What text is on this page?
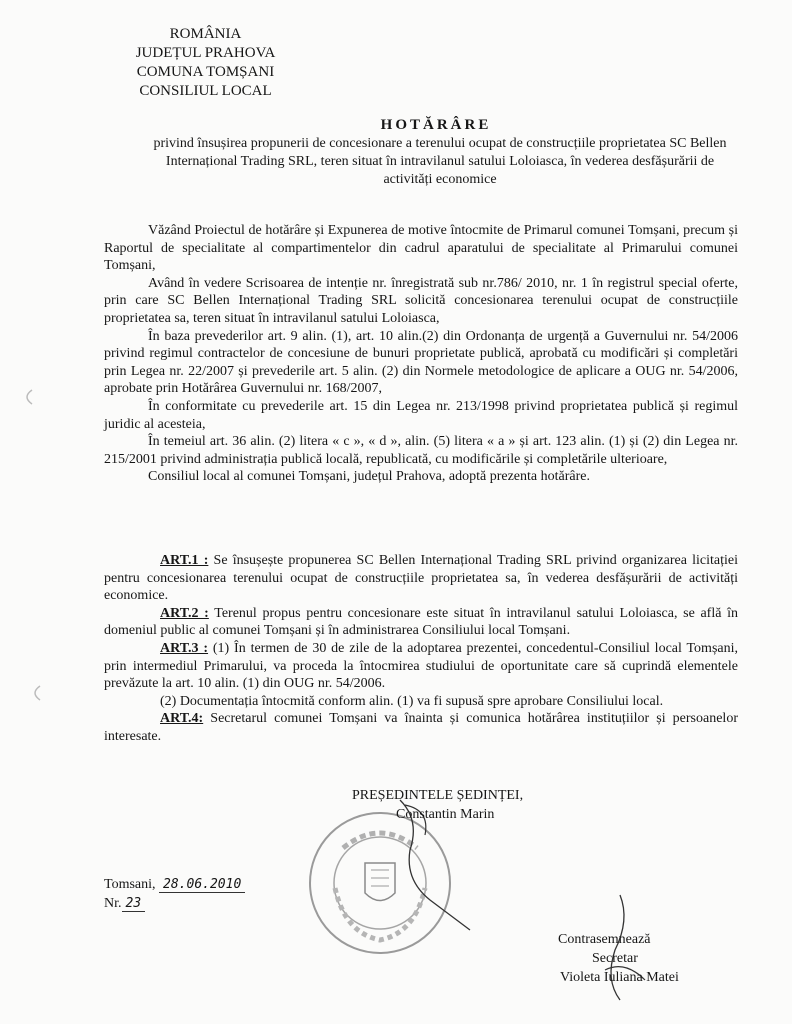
ROMÂNIA
JUDEȚUL PRAHOVA
COMUNA TOMȘANI
CONSILIUL LOCAL
HOTĂRÂRE
privind însușirea propunerii de concesionare a terenului ocupat de construcțiile proprietatea SC Bellen Internațional Trading SRL, teren situat în intravilanul satului Loloiasca, în vederea desfășurării de activități economice

Văzând Proiectul de hotărâre și Expunerea de motive întocmite de Primarul comunei Tomșani, precum și Raportul de specialitate al compartimentelor din cadrul aparatului de specialitate al Primarului comunei Tomșani,

Având în vedere Scrisoarea de intenție nr. înregistrată sub nr.786/ 2010, nr. 1 în registrul special oferte, prin care SC Bellen Internațional Trading SRL solicită concesionarea terenului ocupat de construcțiile proprietatea sa, teren situat în intravilanul satului Loloiasca,

În baza prevederilor art. 9 alin. (1), art. 10 alin.(2) din Ordonanța de urgență a Guvernului nr. 54/2006 privind regimul contractelor de concesiune de bunuri proprietate publică, aprobată cu modificări și completări prin Legea nr. 22/2007 și prevederile art. 5 alin. (2) din Normele metodologice de aplicare a OUG nr. 54/2006, aprobate prin Hotărârea Guvernului nr. 168/2007,

În conformitate cu prevederile art. 15 din Legea nr. 213/1998 privind proprietatea publică și regimul juridic al acesteia,

În temeiul art. 36 alin. (2) litera « c », « d », alin. (5) litera « a » și art. 123 alin. (1) și (2) din Legea nr. 215/2001 privind administrația publică locală, republicată, cu modificările și completările ulterioare,

Consiliul local al comunei Tomșani, județul Prahova, adoptă prezenta hotărâre.

ART.1 : Se însușește propunerea SC Bellen Internațional Trading SRL privind organizarea licitației pentru concesionarea terenului ocupat de construcțiile proprietatea sa, în vederea desfășurării de activități economice.

ART.2 : Terenul propus pentru concesionare este situat în intravilanul satului Loloiasca, se află în domeniul public al comunei Tomșani și în administrarea Consiliului local Tomșani.

ART.3 : (1) În termen de 30 de zile de la adoptarea prezentei, concedentul-Consiliul local Tomșani, prin intermediul Primarului, va proceda la întocmirea studiului de oportunitate care să cuprindă elementele prevăzute la art. 10 alin. (1) din OUG nr. 54/2006.

(2) Documentația întocmită conform alin. (1) va fi supusă spre aprobare Consiliului local.

ART.4: Secretarul comunei Tomșani va înainta și comunica hotărârea instituțiilor și persoanelor interesate.

PREȘEDINTELE ȘEDINȚEI,
Constantin Marin
Tomsani, 28.06.2010
Nr. 23
Contrasemnează
Secretar
Violeta Iuliana Matei
